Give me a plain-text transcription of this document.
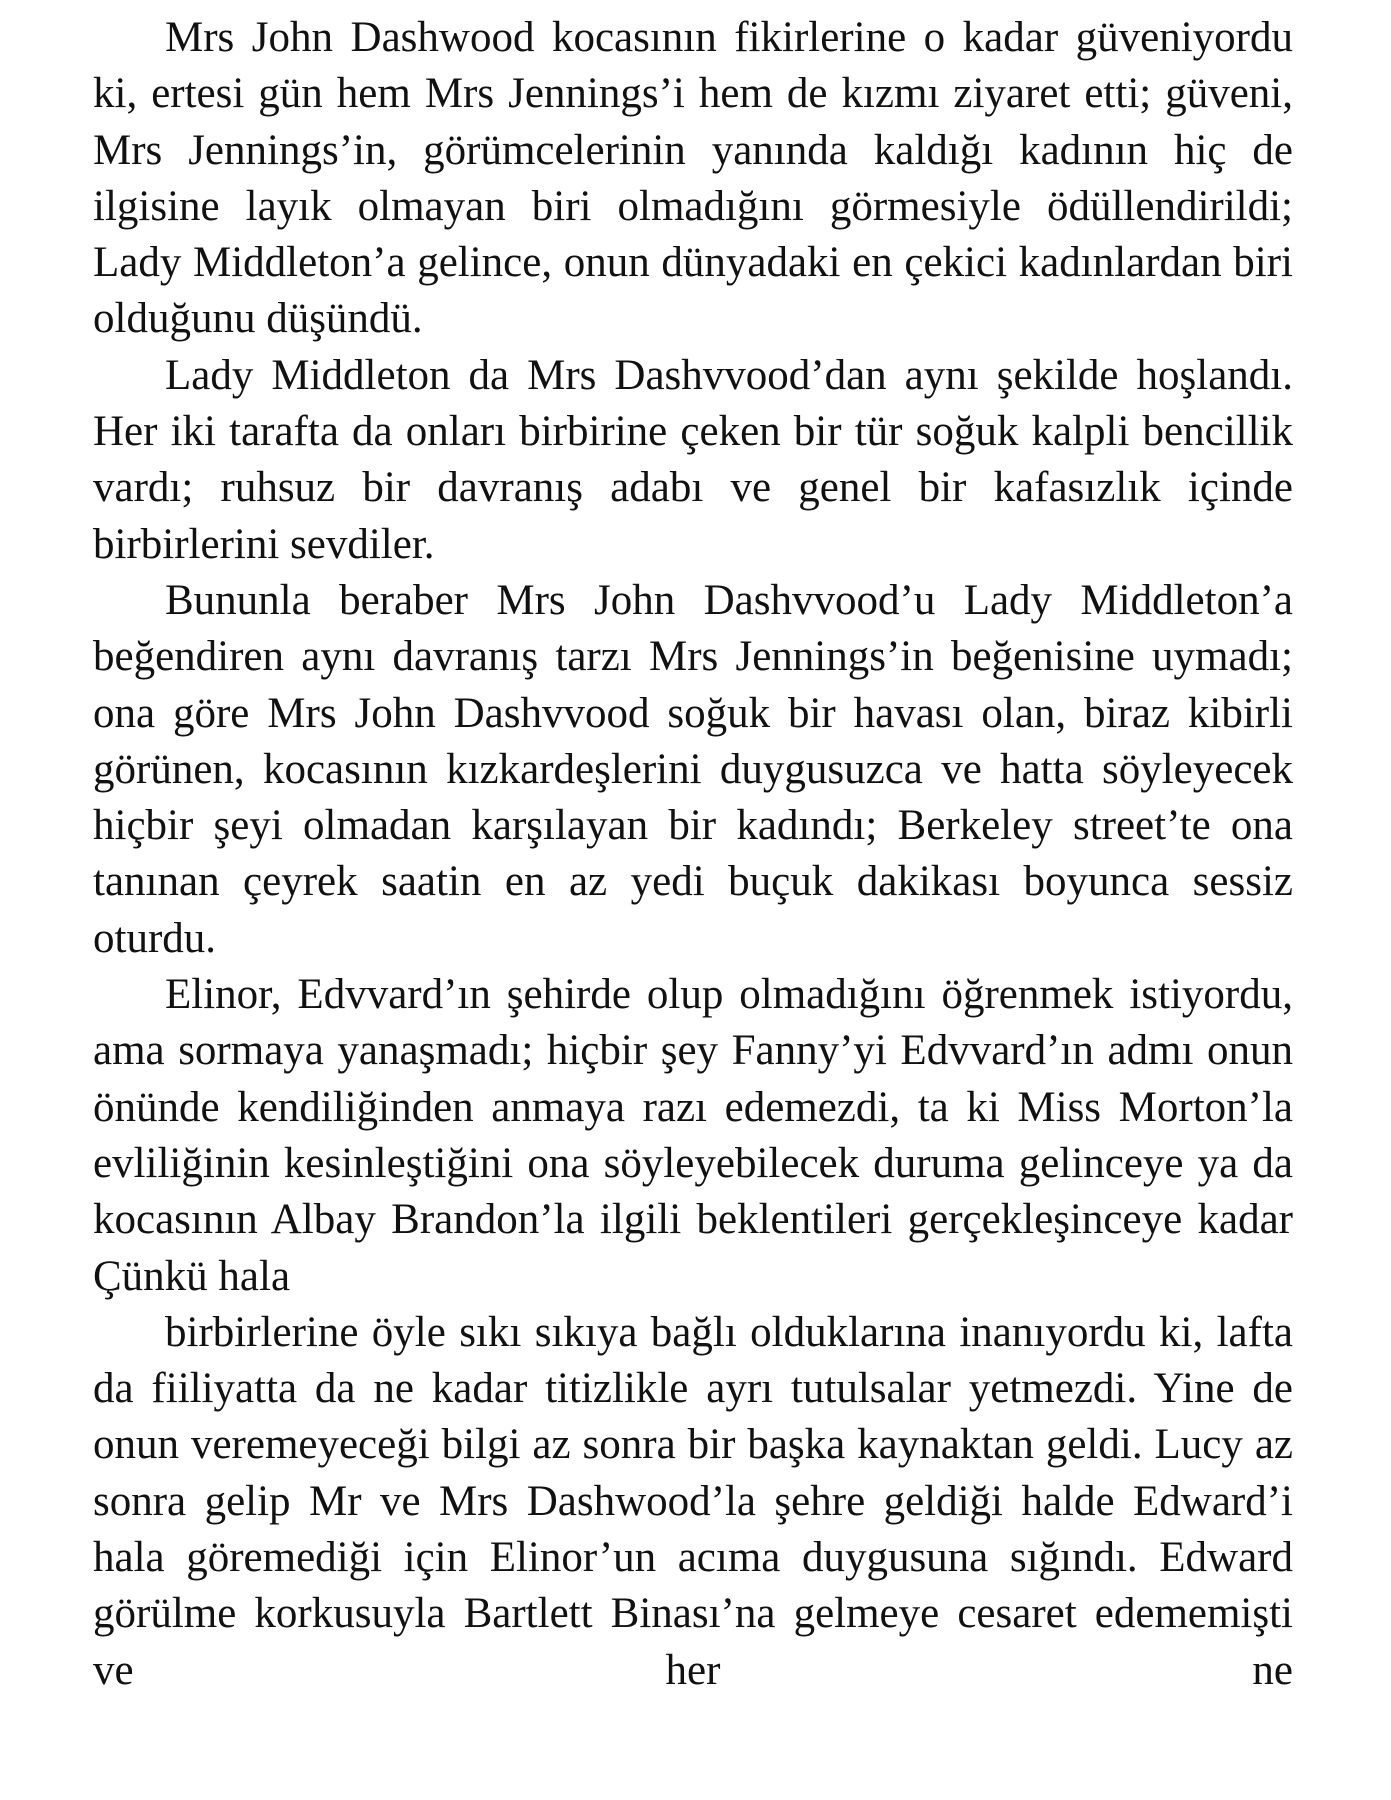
Mrs John Dashwood kocasının fikirlerine o kadar güveniyordu ki, ertesi gün hem Mrs Jennings’i hem de kızmı ziyaret etti; güveni, Mrs Jennings’in, görümcelerinin yanında kaldığı kadının hiç de ilgisine layık olmayan biri olmadığını görmesiyle ödüllendirildi; Lady Middleton’a gelince, onun dünyadaki en çekici kadınlardan biri olduğunu düşündü.

Lady Middleton da Mrs Dashvvood’dan aynı şekilde hoşlandı. Her iki tarafta da onları birbirine çeken bir tür soğuk kalpli bencillik vardı; ruhsuz bir davranış adabı ve genel bir kafasızlık içinde birbirlerini sevdiler.

Bununla beraber Mrs John Dashvvood’u Lady Middleton’a beğendiren aynı davranış tarzı Mrs Jennings’in beğenisine uymadı; ona göre Mrs John Dashvvood soğuk bir havası olan, biraz kibirli görünen, kocasının kızkardeşlerini duygusuzca ve hatta söyleyecek hiçbir şeyi olmadan karşılayan bir kadındı; Berkeley street’te ona tanınan çeyrek saatin en az yedi buçuk dakikası boyunca sessiz oturdu.

Elinor, Edvvard’ın şehirde olup olmadığını öğrenmek istiyordu, ama sormaya yanaşmadı; hiçbir şey Fanny’yi Edvvard’ın admı onun önünde kendiliğinden anmaya razı edemezdi, ta ki Miss Morton’la evliliğinin kesinleştiğini ona söyleyebilecek duruma gelinceye ya da kocasının Albay Brandon’la ilgili beklentileri gerçekleşinceye kadar Çünkü hala

birbirlerine öyle sıkı sıkıya bağlı olduklarına inanıyordu ki, lafta da fiiliyatta da ne kadar titizlikle ayrı tutulsalar yetmezdi. Yine de onun veremeyeceği bilgi az sonra bir başka kaynaktan geldi. Lucy az sonra gelip Mr ve Mrs Dashwood’la şehre geldiği halde Edward’i hala göremediği için Elinor’un acıma duygusuna sığındı. Edward görülme korkusuyla Bartlett Binası’na gelmeye cesaret edememişti ve her ne
